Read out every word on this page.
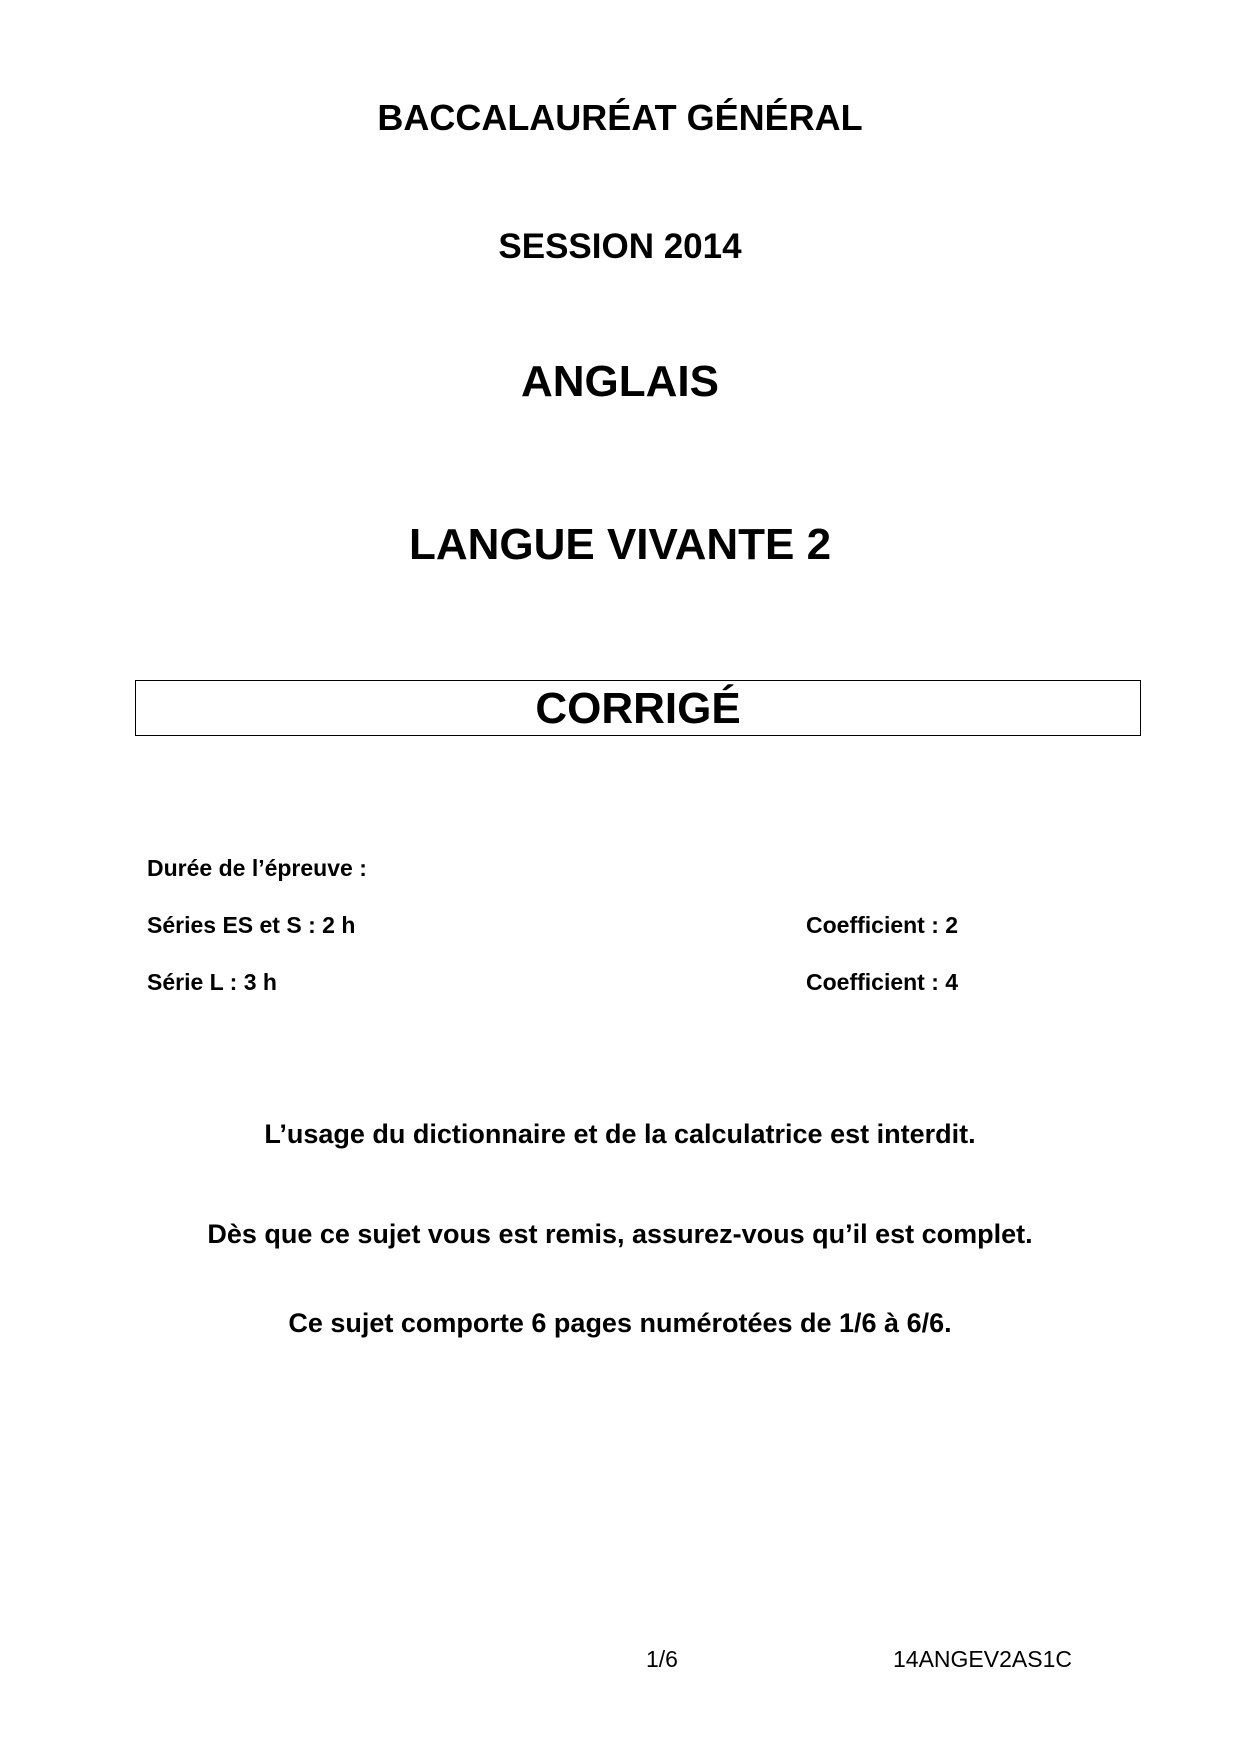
BACCALAURÉAT GÉNÉRAL
SESSION 2014
ANGLAIS
LANGUE VIVANTE 2
CORRIGÉ
Durée de l’épreuve :
Séries ES et S : 2 h	Coefficient : 2
Série L : 3 h	Coefficient : 4
L’usage du dictionnaire et de la calculatrice est interdit.
Dès que ce sujet vous est remis, assurez-vous qu’il est complet.
Ce sujet comporte 6 pages numérotées de 1/6 à 6/6.
1/6	14ANGEV2AS1C
